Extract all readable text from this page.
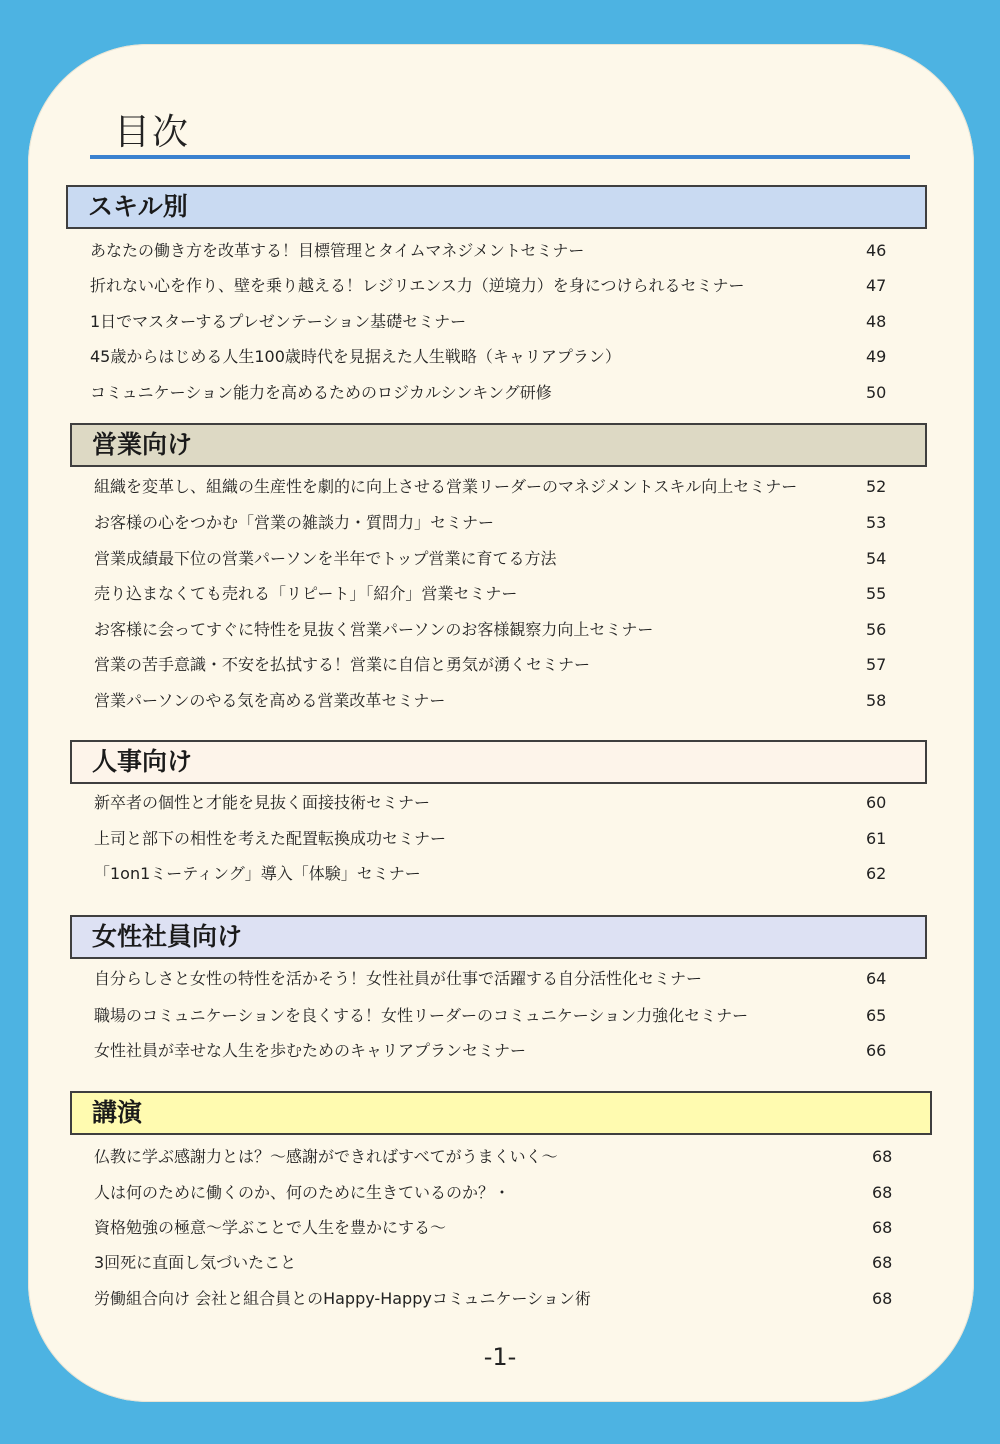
目次
スキル別
あなたの働き方を改革する！目標管理とタイムマネジメントセミナー	46
折れない心を作り、壁を乗り越える！レジリエンス力（逆境力）を身につけられるセミナー	47
1日でマスターするプレゼンテーション基礎セミナー	48
45歳からはじめる人生100歳時代を見据えた人生戦略（キャリアプラン）	49
コミュニケーション能力を高めるためのロジカルシンキング研修	50
営業向け
組織を変革し、組織の生産性を劇的に向上させる営業リーダーのマネジメントスキル向上セミナー	52
お客様の心をつかむ「営業の雑談力・質問力」セミナー	53
営業成績最下位の営業パーソンを半年でトップ営業に育てる方法	54
売り込まなくても売れる「リピート」「紹介」営業セミナー	55
お客様に会ってすぐに特性を見抜く営業パーソンのお客様観察力向上セミナー	56
営業の苦手意識・不安を払拭する！営業に自信と勇気が湧くセミナー	57
営業パーソンのやる気を高める営業改革セミナー	58
人事向け
新卒者の個性と才能を見抜く面接技術セミナー	60
上司と部下の相性を考えた配置転換成功セミナー	61
「1on1ミーティング」導入「体験」セミナー	62
女性社員向け
自分らしさと女性の特性を活かそう！女性社員が仕事で活躍する自分活性化セミナー	64
職場のコミュニケーションを良くする！女性リーダーのコミュニケーション力強化セミナー	65
女性社員が幸せな人生を歩むためのキャリアプランセミナー	66
講演
仏教に学ぶ感謝力とは？～感謝ができればすべてがうまくいく～	68
人は何のために働くのか、何のために生きているのか？・	68
資格勉強の極意～学ぶことで人生を豊かにする～	68
3回死に直面し気づいたこと	68
労働組合向け 会社と組合員とのHappy-Happyコミュニケーション術	68
-1-
